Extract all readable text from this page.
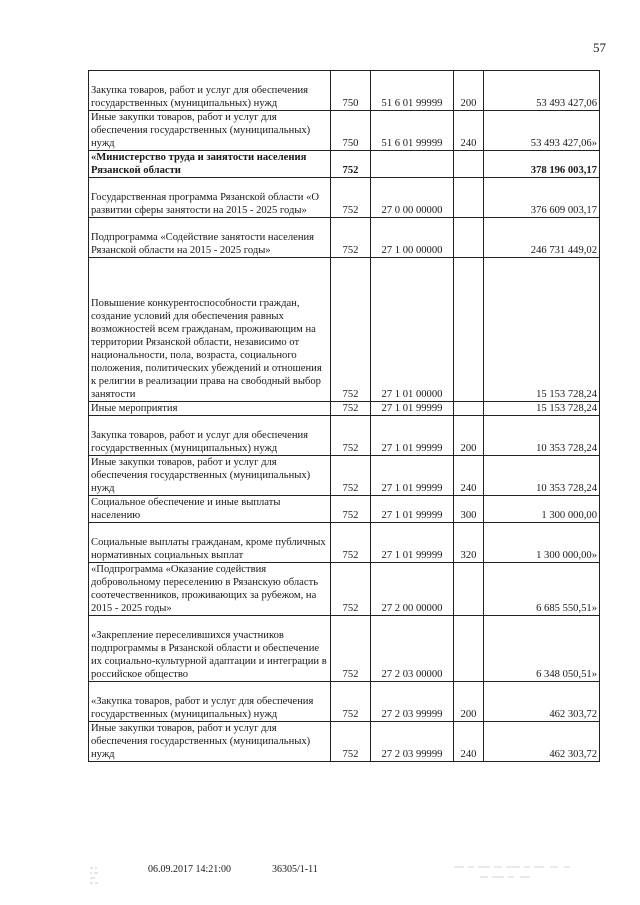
57
Закупка товаров, работ и услуг для обеспечения государственных (муниципальных) нужд	750	51 6 01 99999	200	53 493 427,06
Иные закупки товаров, работ и услуг для обеспечения государственных (муниципальных) нужд	750	51 6 01 99999	240	53 493 427,06»
«Министерство труда и занятости населения Рязанской области	752			378 196 003,17
Государственная программа Рязанской области «О развитии сферы занятости на 2015 - 2025 годы»	752	27 0 00 00000		376 609 003,17
Подпрограмма «Содействие занятости населения Рязанской области на 2015 - 2025 годы»	752	27 1 00 00000		246 731 449,02
Повышение конкурентоспособности граждан, создание условий для обеспечения равных возможностей всем гражданам, проживающим на территории Рязанской области, независимо от национальности, пола, возраста, социального положения, политических убеждений и отношения к религии в реализации права на свободный выбор занятости	752	27 1 01 00000		15 153 728,24
Иные мероприятия	752	27 1 01 99999		15 153 728,24
Закупка товаров, работ и услуг для обеспечения государственных (муниципальных) нужд	752	27 1 01 99999	200	10 353 728,24
Иные закупки товаров, работ и услуг для обеспечения государственных (муниципальных) нужд	752	27 1 01 99999	240	10 353 728,24
Социальное обеспечение и иные выплаты населению	752	27 1 01 99999	300	1 300 000,00
Социальные выплаты гражданам, кроме публичных нормативных социальных выплат	752	27 1 01 99999	320	1 300 000,00»
«Подпрограмма «Оказание содействия добровольному переселению в Рязанскую область соотечественников, проживающих за рубежом, на 2015 - 2025 годы»	752	27 2 00 00000		6 685 550,51»
«Закрепление переселившихся участников подпрограммы в Рязанской области и обеспечение их социально-культурной адаптации и интеграции в российское общество	752	27 2 03 00000		6 348 050,51»
«Закупка товаров, работ и услуг для обеспечения государственных (муниципальных) нужд	752	27 2 03 99999	200	462 303,72
Иные закупки товаров, работ и услуг для обеспечения государственных (муниципальных) нужд	752	27 2 03 99999	240	462 303,72
06.09.2017 14:21:00	36305/1-11
